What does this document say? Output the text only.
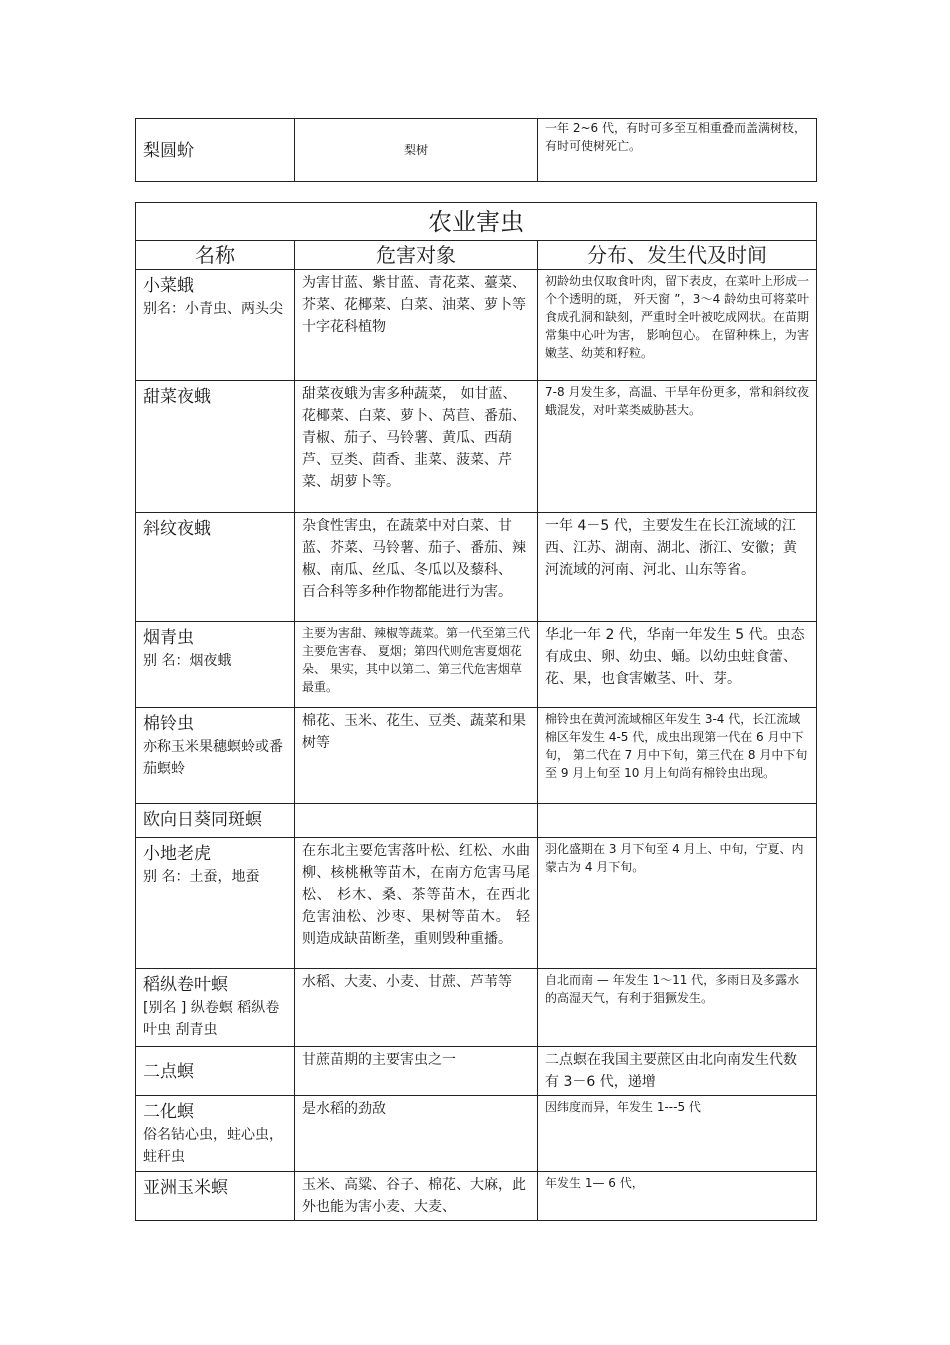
梨圆蚧	梨树	一年 2~6 代，有时可多至互相重叠而盖满树枝，有时可使树死亡。
农业害虫		
名称	危害对象	分布、发生代及时间

小菜蛾
别名：小青虫、两头尖	为害甘蓝、紫甘蓝、青花菜、薹菜、芥菜、花椰菜、白菜、油菜、萝卜等十字花科植物	初龄幼虫仅取食叶肉，留下表皮，在菜叶上形成一个个透明的斑， 歼天窗 ”，3～4 龄幼虫可将菜叶食成孔洞和缺刻，严重时全叶被吃成网状。在苗期常集中心叶为害， 影响包心。 在留种株上，为害嫩茎、幼荚和籽粒。

甜菜夜蛾	甜菜夜蛾为害多种蔬菜， 如甘蓝、花椰菜、白菜、萝卜、莴苣、番茄、青椒、茄子、马铃薯、黄瓜、西葫芦、豆类、茴香、韭菜、菠菜、芹菜、胡萝卜等。	7-8 月发生多，高温、干旱年份更多，常和斜纹夜蛾混发，对叶菜类威胁甚大。

斜纹夜蛾	杂食性害虫，在蔬菜中对白菜、甘蓝、芥菜、马铃薯、茄子、番茄、辣椒、南瓜、丝瓜、冬瓜以及藜科、 百合科等多种作物都能进行为害。	一年 4－5 代，主要发生在长江流域的江西、江苏、湖南、湖北、浙江、安徽；黄河流域的河南、河北、山东等省。

烟青虫
别 名：烟夜蛾	主要为害甜、辣椒等蔬菜。第一代至第三代主要危害春、 夏烟；第四代则危害夏烟花朵、 果实，其中以第二、第三代危害烟草最重。	华北一年 2 代，华南一年发生 5 代。虫态有成虫、卵、幼虫、蛹。以幼虫蛀食蕾、花、果，也食害嫩茎、叶、芽。

棉铃虫
亦称玉米果穗螟蛉或番茄螟蛉	棉花、玉米、花生、豆类、蔬菜和果树等	棉铃虫在黄河流域棉区年发生 3-4 代，长江流域棉区年发生 4-5 代，成虫出现第一代在 6 月中下旬， 第二代在 7 月中下旬，第三代在 8 月中下旬至 9 月上旬至 10 月上旬尚有棉铃虫出现。

欧向日葵同斑螟		

小地老虎
别 名：土蚕，地蚕	在东北主要危害落叶松、红松、水曲柳、核桃楸等苗木，在南方危害马尾松、 杉木、桑、茶等苗木，在西北危害油松、沙枣、果树等苗木。 轻则造成缺苗断垄，重则毁种重播。	羽化盛期在 3 月下旬至 4 月上、中旬，宁夏、内蒙古为 4 月下旬。

稻纵卷叶螟
[别名 ] 纵卷螟 稻纵卷叶虫 刮青虫	水稻、大麦、小麦、甘蔗、芦苇等	自北而南 — 年发生 1～11 代，多雨日及多露水的高湿天气，有利于猖獗发生。

二点螟	甘蔗苗期的主要害虫之一	二点螟在我国主要蔗区由北向南发生代数有 3－6 代，递增

二化螟
俗名钻心虫，蛀心虫，蛀秆虫	是水稻的劲敌	因纬度而异，年发生 1---5 代

亚洲玉米螟	玉米、高粱、谷子、棉花、大麻，此外也能为害小麦、大麦、	年发生 1— 6 代，
